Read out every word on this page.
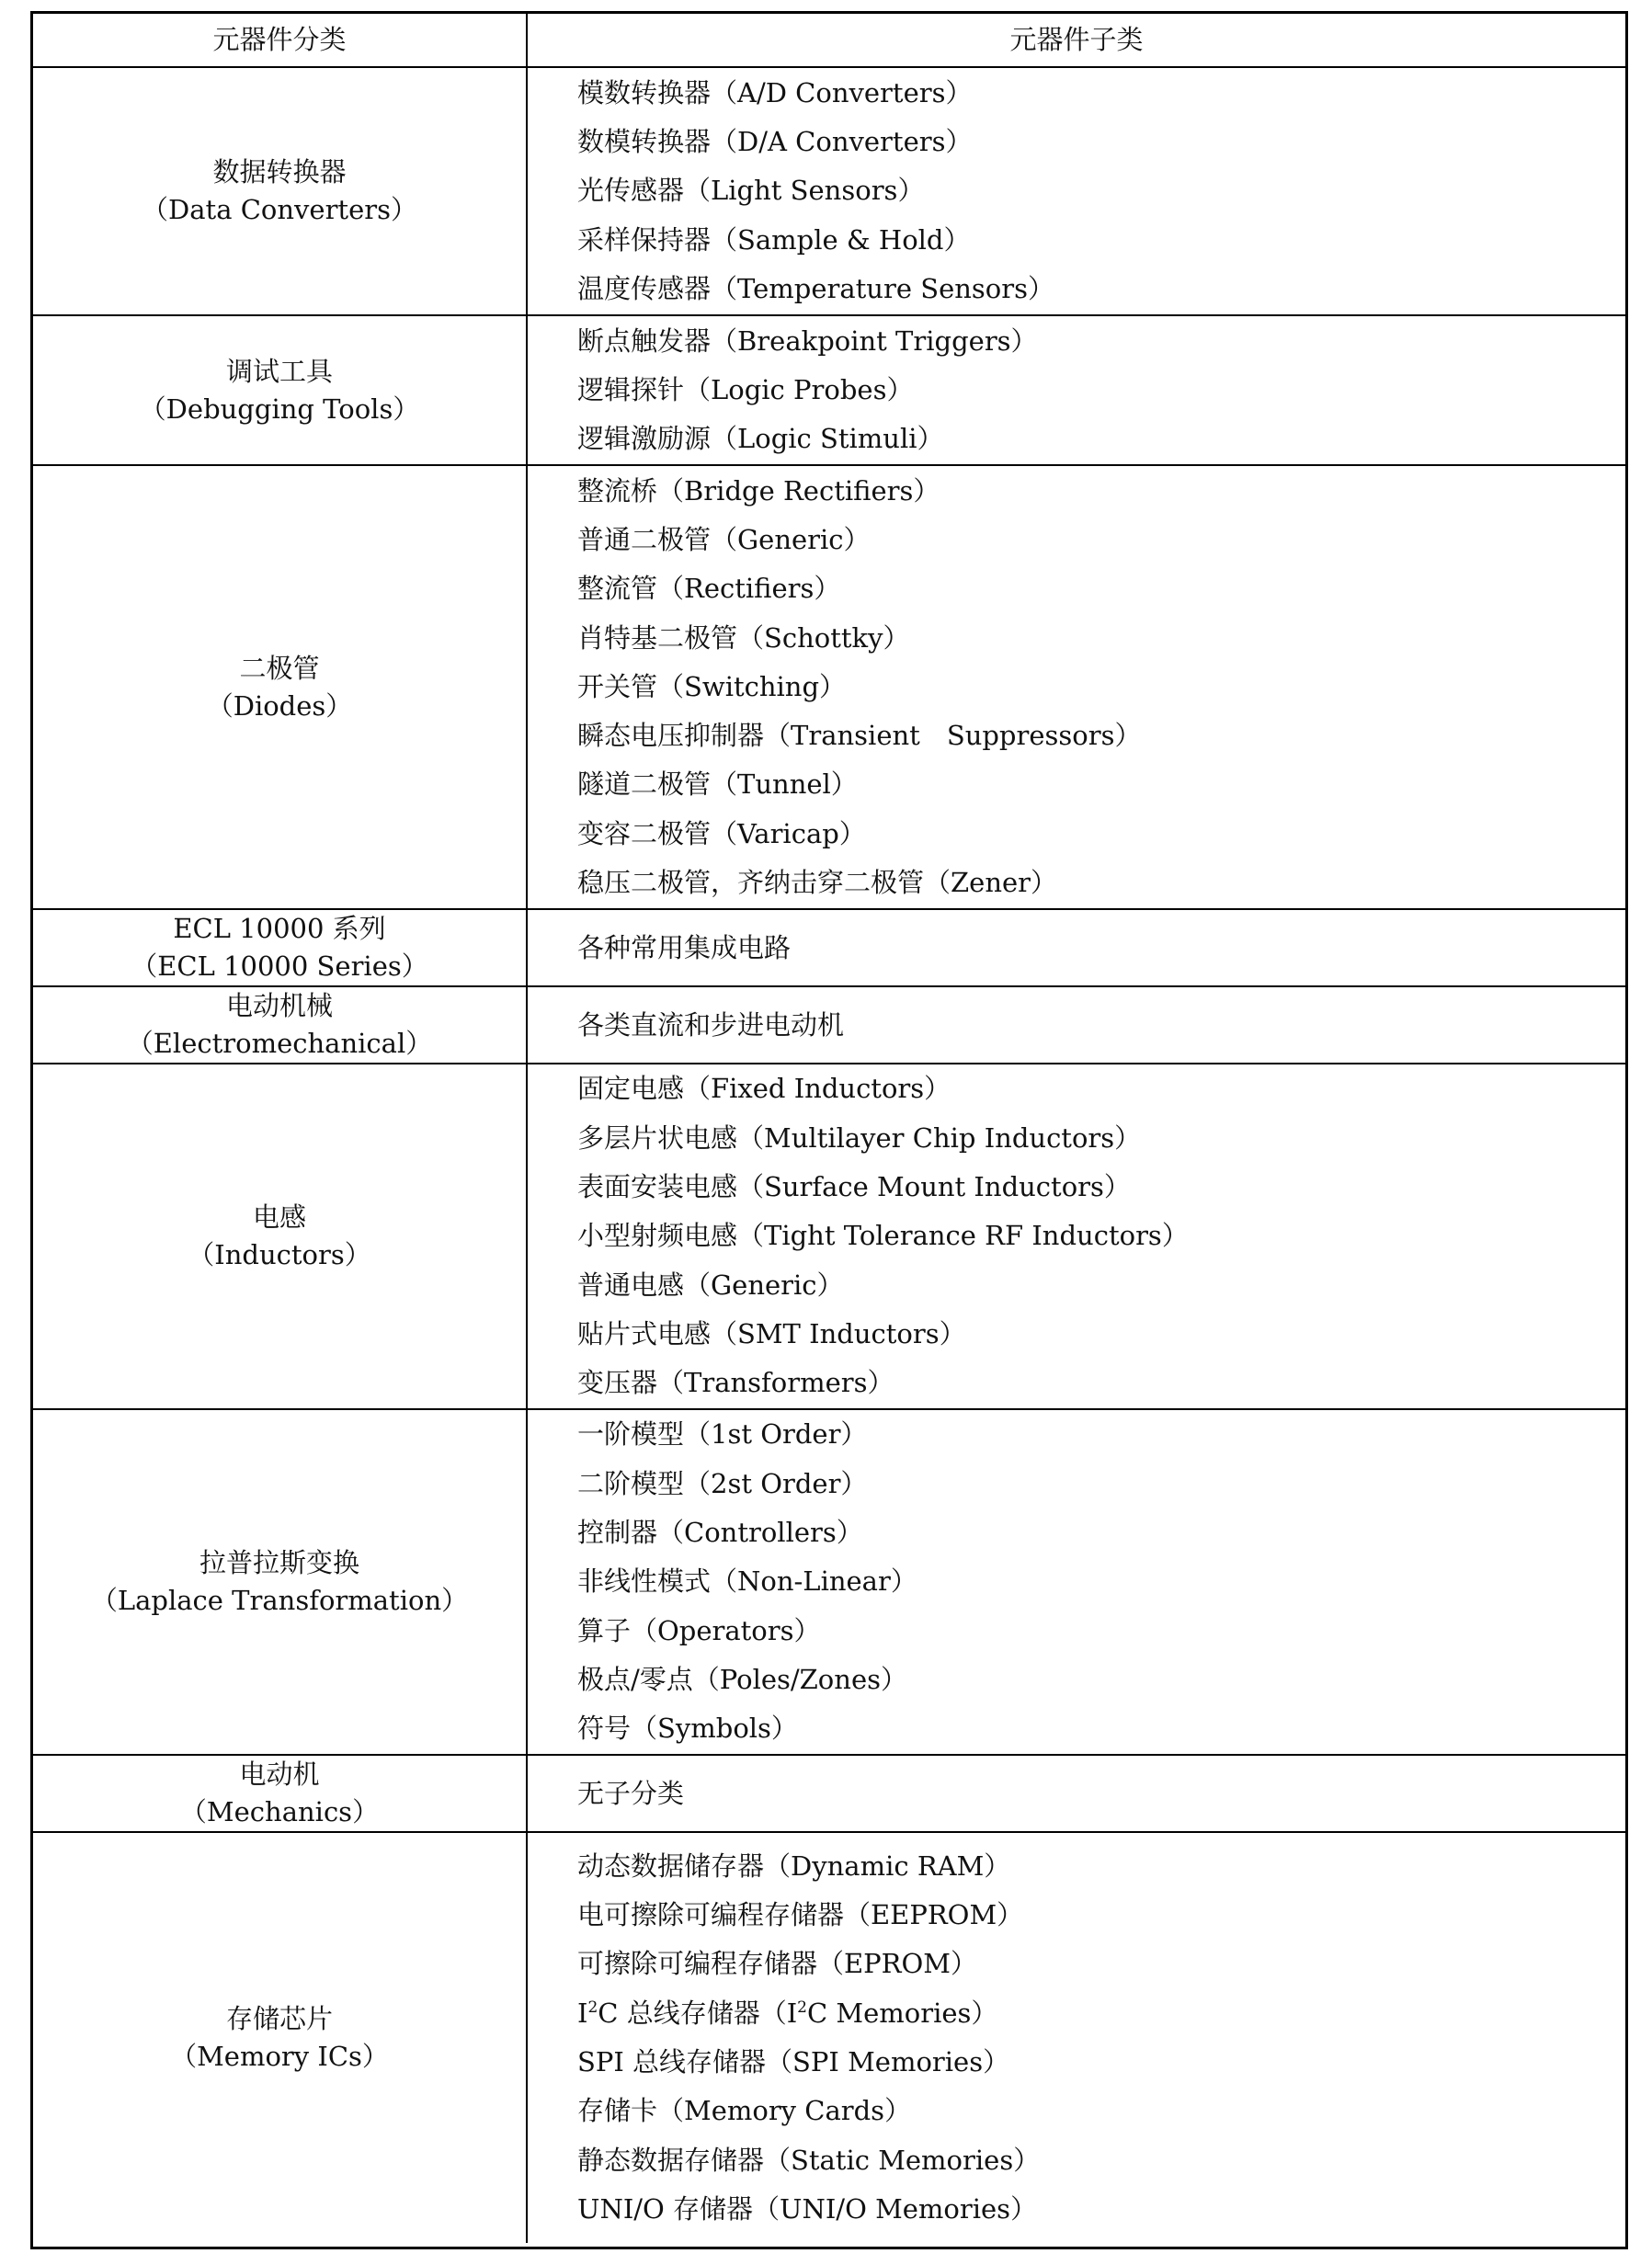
元器件分类	元器件子类
数据转换器
（Data Converters）
模数转换器（A/D Converters）
数模转换器（D/A Converters）
光传感器（Light Sensors）
采样保持器（Sample & Hold）
温度传感器（Temperature Sensors）
调试工具
（Debugging Tools）
断点触发器（Breakpoint Triggers）
逻辑探针（Logic Probes）
逻辑激励源（Logic Stimuli）
二极管
（Diodes）
整流桥（Bridge Rectifiers）
普通二极管（Generic）
整流管（Rectifiers）
肖特基二极管（Schottky）
开关管（Switching）
瞬态电压抑制器（Transient　Suppressors）
隧道二极管（Tunnel）
变容二极管（Varicap）
稳压二极管，齐纳击穿二极管（Zener）
ECL 10000 系列
（ECL 10000 Series）
各种常用集成电路
电动机械
（Electromechanical）
各类直流和步进电动机
电感
（Inductors）
固定电感（Fixed Inductors）
多层片状电感（Multilayer Chip Inductors）
表面安装电感（Surface Mount Inductors）
小型射频电感（Tight Tolerance RF Inductors）
普通电感（Generic）
贴片式电感（SMT Inductors）
变压器（Transformers）
拉普拉斯变换
（Laplace Transformation）
一阶模型（1st Order）
二阶模型（2st Order）
控制器（Controllers）
非线性模式（Non-Linear）
算子（Operators）
极点/零点（Poles/Zones）
符号（Symbols）
电动机
（Mechanics）
无子分类
存储芯片
（Memory ICs）
动态数据储存器（Dynamic RAM）
电可擦除可编程存储器（EEPROM）
可擦除可编程存储器（EPROM）
$I^2C$ 总线存储器（$I^2C$ Memories）
SPI 总线存储器（SPI Memories）
存储卡（Memory Cards）
静态数据存储器（Static Memories）
UNI/O 存储器（UNI/O Memories）
